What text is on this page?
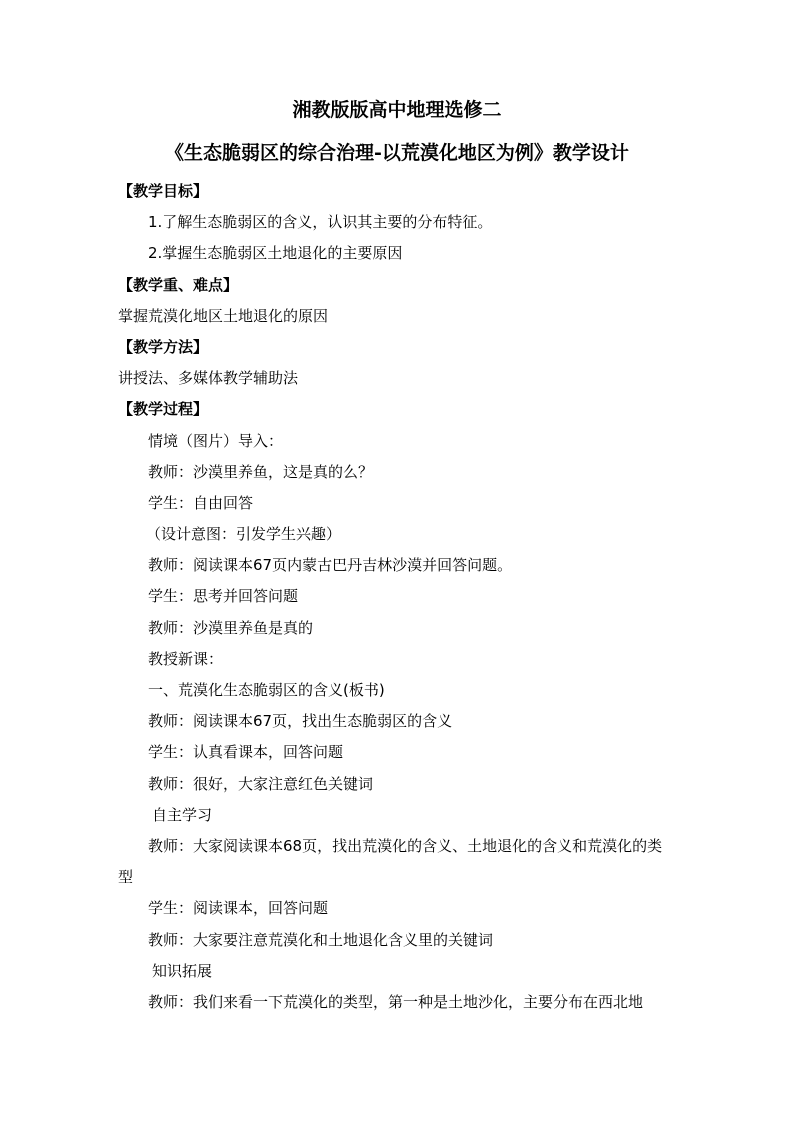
湘教版版高中地理选修二
《生态脆弱区的综合治理-以荒漠化地区为例》教学设计
【教学目标】
1.了解生态脆弱区的含义，认识其主要的分布特征。
2.掌握生态脆弱区土地退化的主要原因
【教学重、难点】
掌握荒漠化地区土地退化的原因
【教学方法】
讲授法、多媒体教学辅助法
【教学过程】
情境（图片）导入：
教师：沙漠里养鱼，这是真的么？
学生：自由回答
（设计意图：引发学生兴趣）
教师：阅读课本67页内蒙古巴丹吉林沙漠并回答问题。
学生：思考并回答问题
教师：沙漠里养鱼是真的
教授新课：
一、荒漠化生态脆弱区的含义(板书)
教师：阅读课本67页，找出生态脆弱区的含义
学生：认真看课本，回答问题
教师：很好，大家注意红色关键词
自主学习
教师：大家阅读课本68页，找出荒漠化的含义、土地退化的含义和荒漠化的类型
学生：阅读课本，回答问题
教师：大家要注意荒漠化和土地退化含义里的关键词
知识拓展
教师：我们来看一下荒漠化的类型，第一种是土地沙化，主要分布在西北地
